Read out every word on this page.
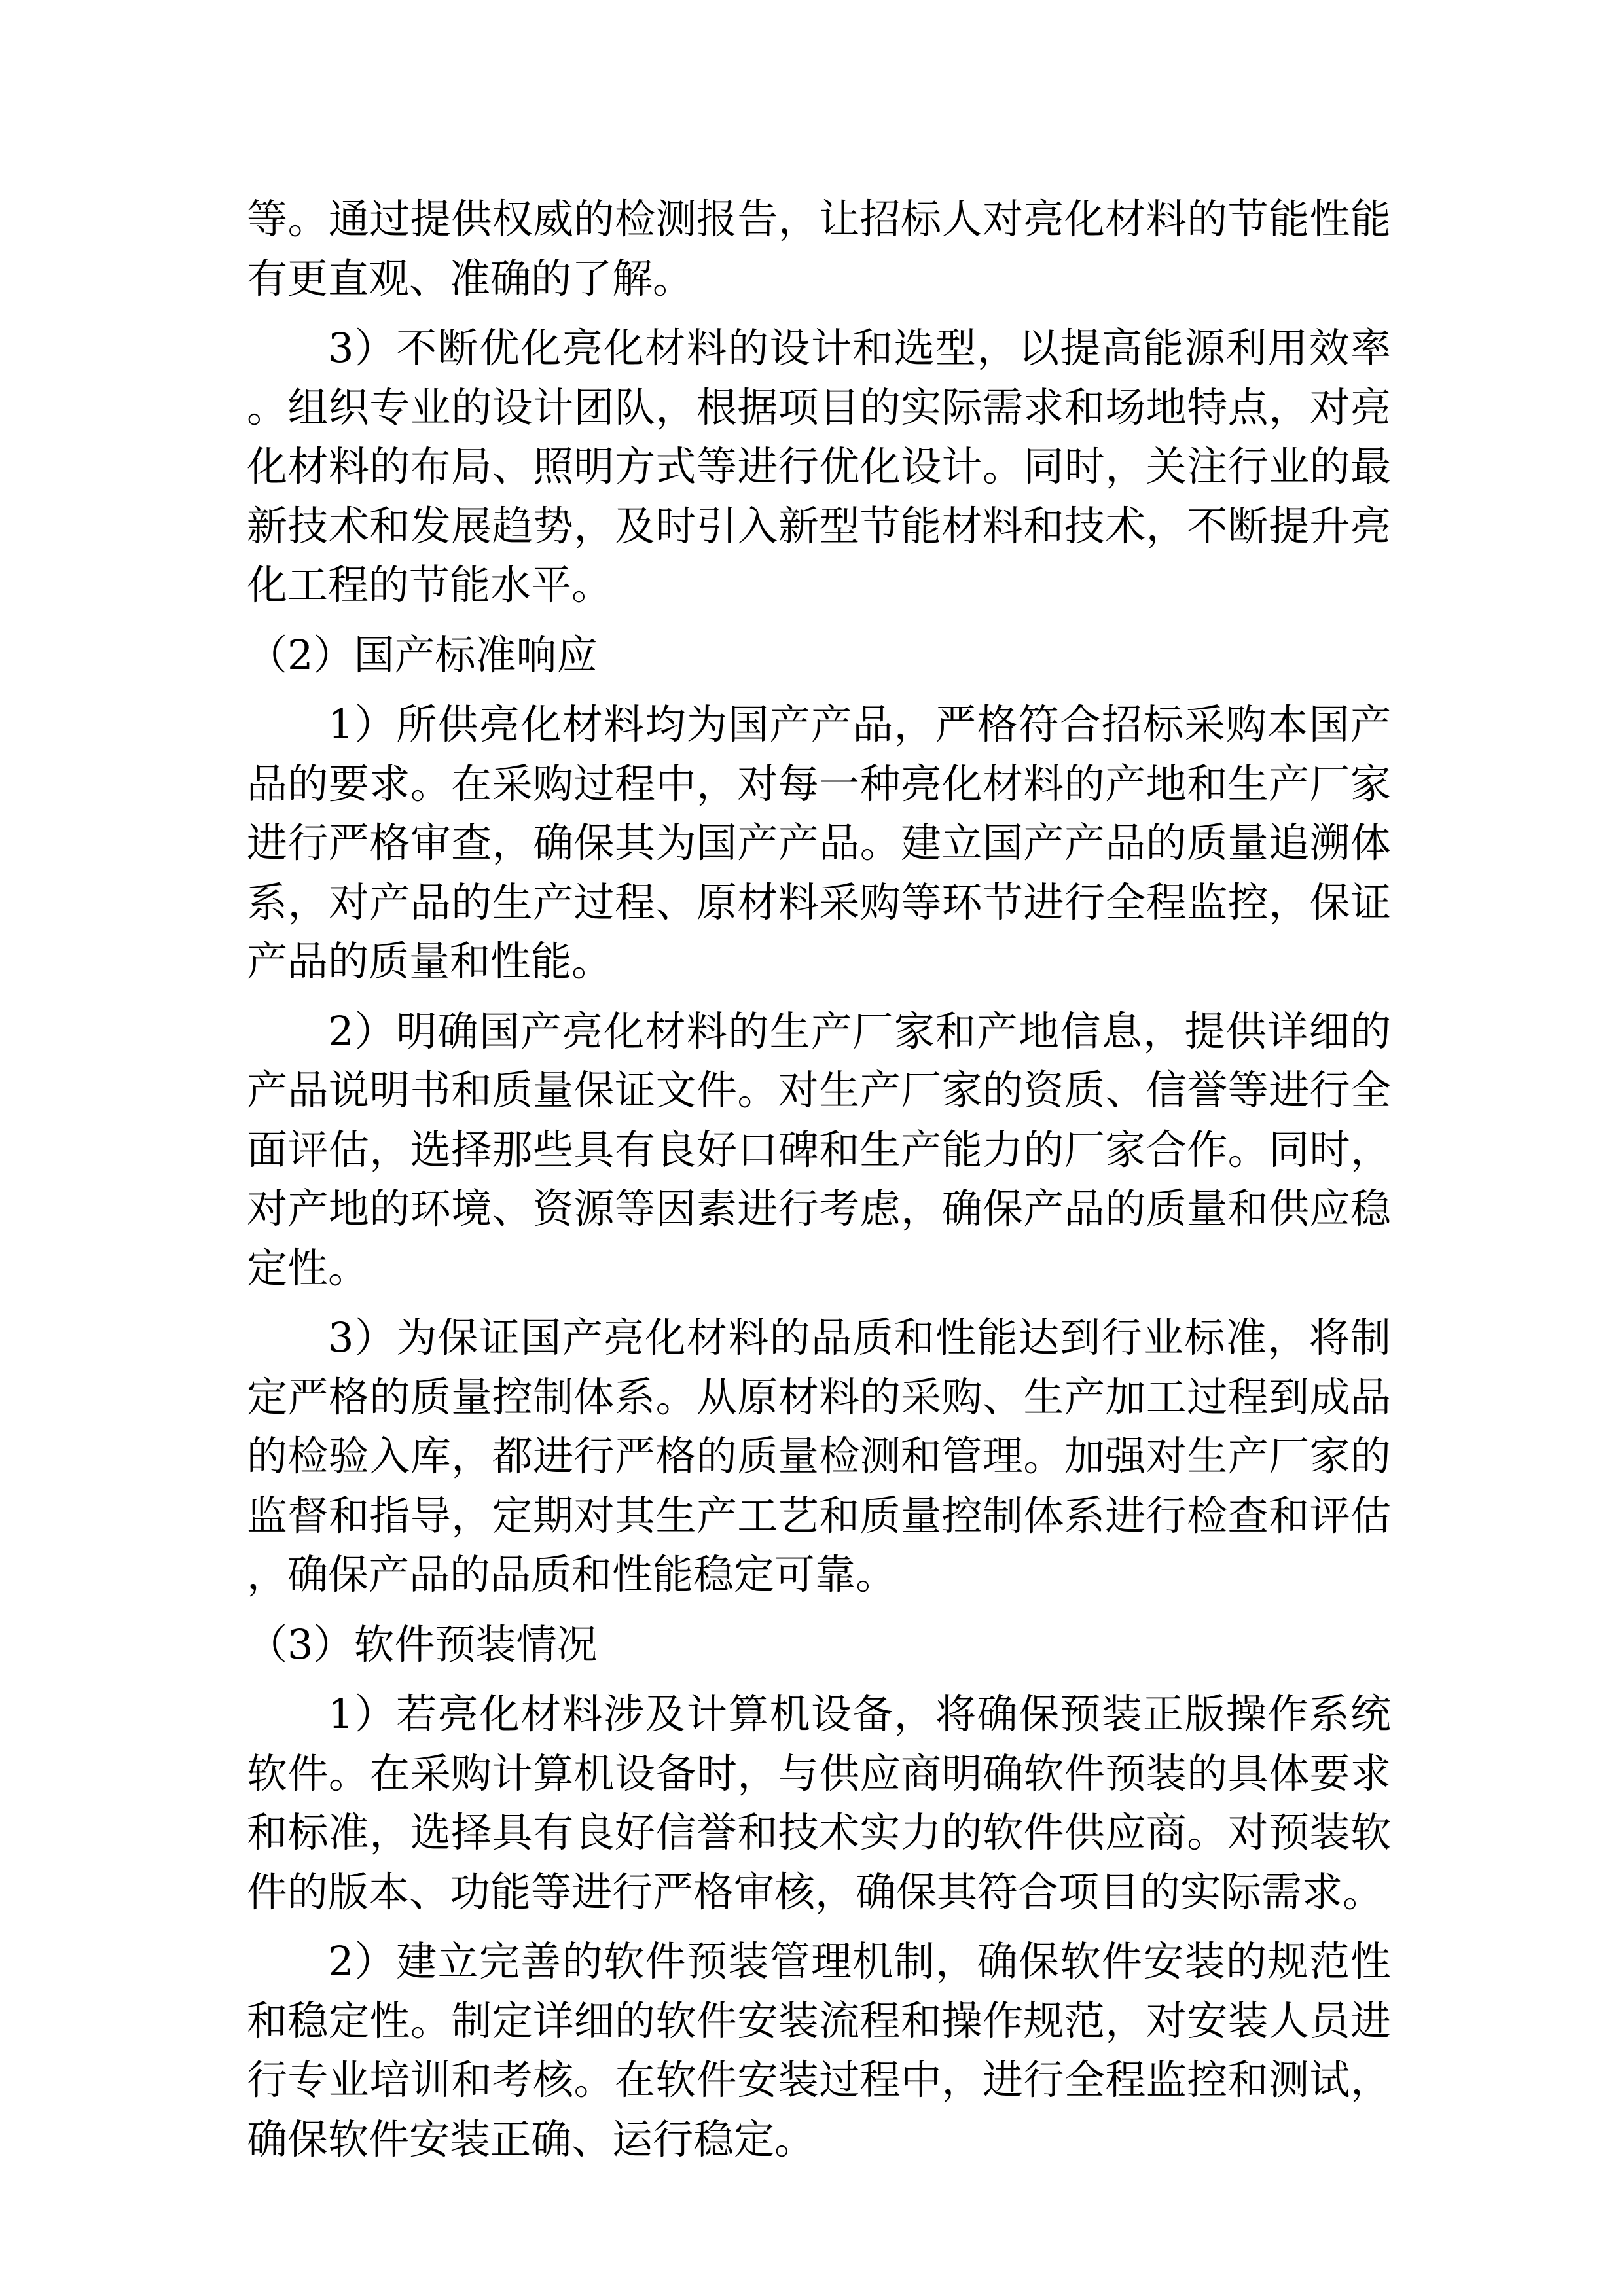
等。通过提供权威的检测报告，让招标人对亮化材料的节能性能有更直观、准确的了解。

3）不断优化亮化材料的设计和选型，以提高能源利用效率。组织专业的设计团队，根据项目的实际需求和场地特点，对亮化材料的布局、照明方式等进行优化设计。同时，关注行业的最新技术和发展趋势，及时引入新型节能材料和技术，不断提升亮化工程的节能水平。

（2）国产标准响应

1）所供亮化材料均为国产产品，严格符合招标采购本国产品的要求。在采购过程中，对每一种亮化材料的产地和生产厂家进行严格审查，确保其为国产产品。建立国产产品的质量追溯体系，对产品的生产过程、原材料采购等环节进行全程监控，保证产品的质量和性能。

2）明确国产亮化材料的生产厂家和产地信息，提供详细的产品说明书和质量保证文件。对生产厂家的资质、信誉等进行全面评估，选择那些具有良好口碑和生产能力的厂家合作。同时，对产地的环境、资源等因素进行考虑，确保产品的质量和供应稳定性。

3）为保证国产亮化材料的品质和性能达到行业标准，将制定严格的质量控制体系。从原材料的采购、生产加工过程到成品的检验入库，都进行严格的质量检测和管理。加强对生产厂家的监督和指导，定期对其生产工艺和质量控制体系进行检查和评估，确保产品的品质和性能稳定可靠。

（3）软件预装情况

1）若亮化材料涉及计算机设备，将确保预装正版操作系统软件。在采购计算机设备时，与供应商明确软件预装的具体要求和标准，选择具有良好信誉和技术实力的软件供应商。对预装软件的版本、功能等进行严格审核，确保其符合项目的实际需求。

2）建立完善的软件预装管理机制，确保软件安装的规范性和稳定性。制定详细的软件安装流程和操作规范，对安装人员进行专业培训和考核。在软件安装过程中，进行全程监控和测试，确保软件安装正确、运行稳定。
